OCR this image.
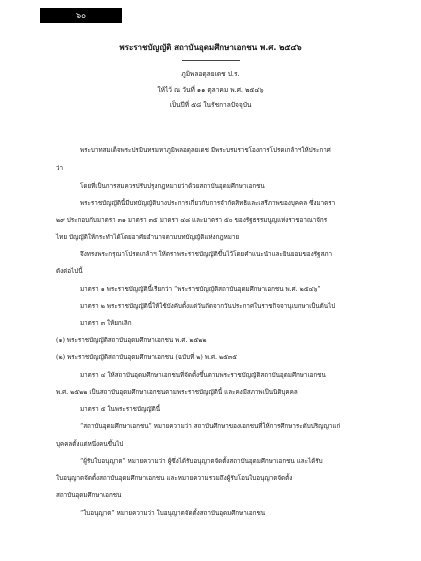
๖๐
พระราชบัญญัติ สถาบันอุดมศึกษาเอกชน พ.ศ. ๒๕๔๖
ภูมิพลอดุลยเดช ป.ร.
ให้ไว้ ณ วันที่ ๑๑ ตุลาคม พ.ศ. ๒๕๔๖
เป็นปีที่ ๕๘ ในรัชกาลปัจจุบัน
พระบาทสมเด็จพระปรมินทรมหาภูมิพลอดุลยเดช มีพระบรมราชโองการโปรดเกล้าฯให้ประกาศ
ว่า
โดยที่เป็นการสมควรปรับปรุงกฎหมายว่าด้วยสถาบันอุดมศึกษาเอกชน
พระราชบัญญัตินี้มีบทบัญญัติบางประการเกี่ยวกับการจำกัดสิทธิและเสรีภาพของบุคคล ซึ่งมาตรา
๒๙ ประกอบกับมาตรา ๓๑ มาตรา ๓๕ มาตรา ๔๘ และมาตรา ๕๐ ของรัฐธรรมนูญแห่งราชอาณาจักร
ไทย บัญญัติให้กระทำได้โดยอาศัยอำนาจตามบทบัญญัติแห่งกฎหมาย
จึงทรงพระกรุณาโปรดเกล้าฯ ให้ตราพระราชบัญญัติขึ้นไว้โดยคำแนะนำและยินยอมของรัฐสภา
ดังต่อไปนี้
มาตรา ๑ พระราชบัญญัตินี้เรียกว่า “พระราชบัญญัติสถาบันอุดมศึกษาเอกชน พ.ศ. ๒๕๔๖”
มาตรา ๒ พระราชบัญญัตินี้ให้ใช้บังคับตั้งแต่วันถัดจากวันประกาศในราชกิจจานุเบกษาเป็นต้นไป
มาตรา ๓ ให้ยกเลิก
(๑) พระราชบัญญัติสถาบันอุดมศึกษาเอกชน พ.ศ. ๒๕๒๒
(๒) พระราชบัญญัติสถาบันอุดมศึกษาเอกชน (ฉบับที่ ๒) พ.ศ. ๒๕๓๕
มาตรา ๔ ให้สถาบันอุดมศึกษาเอกชนที่จัดตั้งขึ้นตามพระราชบัญญัติสถาบันอุดมศึกษาเอกชน
พ.ศ. ๒๕๒๒ เป็นสถาบันอุดมศึกษาเอกชนตามพระราชบัญญัตินี้ และคงมีสภาพเป็นนิติบุคคล
มาตรา ๕ ในพระราชบัญญัตินี้
“สถาบันอุดมศึกษาเอกชน” หมายความว่า สถาบันศึกษาของเอกชนที่ให้การศึกษาระดับปริญญาแก่
บุคคลตั้งแต่หนึ่งคนขึ้นไป
“ผู้รับใบอนุญาต” หมายความว่า ผู้ซึ่งได้รับอนุญาตจัดตั้งสถาบันอุดมศึกษาเอกชน และได้รับ
ใบอนุญาตจัดตั้งสถาบันอุดมศึกษาเอกชน และหมายความรวมถึงผู้รับโอนใบอนุญาตจัดตั้ง
สถาบันอุดมศึกษาเอกชน
“ใบอนุญาต” หมายความว่า ใบอนุญาตจัดตั้งสถาบันอุดมศึกษาเอกชน
